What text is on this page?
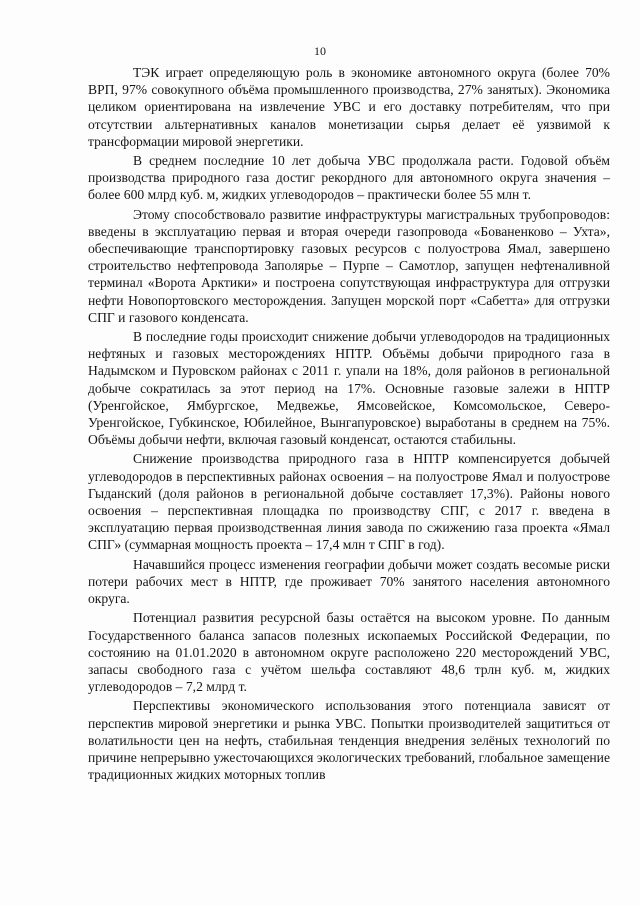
10

ТЭК играет определяющую роль в экономике автономного округа (более 70% ВРП, 97% совокупного объёма промышленного производства, 27% занятых). Экономика целиком ориентирована на извлечение УВС и его доставку потребителям, что при отсутствии альтернативных каналов монетизации сырья делает её уязвимой к трансформации мировой энергетики.

В среднем последние 10 лет добыча УВС продолжала расти. Годовой объём производства природного газа достиг рекордного для автономного округа значения – более 600 млрд куб. м, жидких углеводородов – практически более 55 млн т.

Этому способствовало развитие инфраструктуры магистральных трубопроводов: введены в эксплуатацию первая и вторая очереди газопровода «Бованенково – Ухта», обеспечивающие транспортировку газовых ресурсов с полуострова Ямал, завершено строительство нефтепровода Заполярье – Пурпе – Самотлор, запущен нефтеналивной терминал «Ворота Арктики» и построена сопутствующая инфраструктура для отгрузки нефти Новопортовского месторождения. Запущен морской порт «Сабетта» для отгрузки СПГ и газового конденсата.

В последние годы происходит снижение добычи углеводородов на традиционных нефтяных и газовых месторождениях НПТР. Объёмы добычи природного газа в Надымском и Пуровском районах с 2011 г. упали на 18%, доля районов в региональной добыче сократилась за этот период на 17%. Основные газовые залежи в НПТР (Уренгойское, Ямбургское, Медвежье, Ямсовейское, Комсомольское, Северо-Уренгойское, Губкинское, Юбилейное, Вынгапуровское) выработаны в среднем на 75%. Объёмы добычи нефти, включая газовый конденсат, остаются стабильны.

Снижение производства природного газа в НПТР компенсируется добычей углеводородов в перспективных районах освоения – на полуострове Ямал и полуострове Гыданский (доля районов в региональной добыче составляет 17,3%). Районы нового освоения – перспективная площадка по производству СПГ, с 2017 г. введена в эксплуатацию первая производственная линия завода по сжижению газа проекта «Ямал СПГ» (суммарная мощность проекта – 17,4 млн т СПГ в год).

Начавшийся процесс изменения географии добычи может создать весомые риски потери рабочих мест в НПТР, где проживает 70% занятого населения автономного округа.

Потенциал развития ресурсной базы остаётся на высоком уровне. По данным Государственного баланса запасов полезных ископаемых Российской Федерации, по состоянию на 01.01.2020 в автономном округе расположено 220 месторождений УВС, запасы свободного газа с учётом шельфа составляют 48,6 трлн куб. м, жидких углеводородов – 7,2 млрд т.

Перспективы экономического использования этого потенциала зависят от перспектив мировой энергетики и рынка УВС. Попытки производителей защититься от волатильности цен на нефть, стабильная тенденция внедрения зелёных технологий по причине непрерывно ужесточающихся экологических требований, глобальное замещение традиционных жидких моторных топлив
